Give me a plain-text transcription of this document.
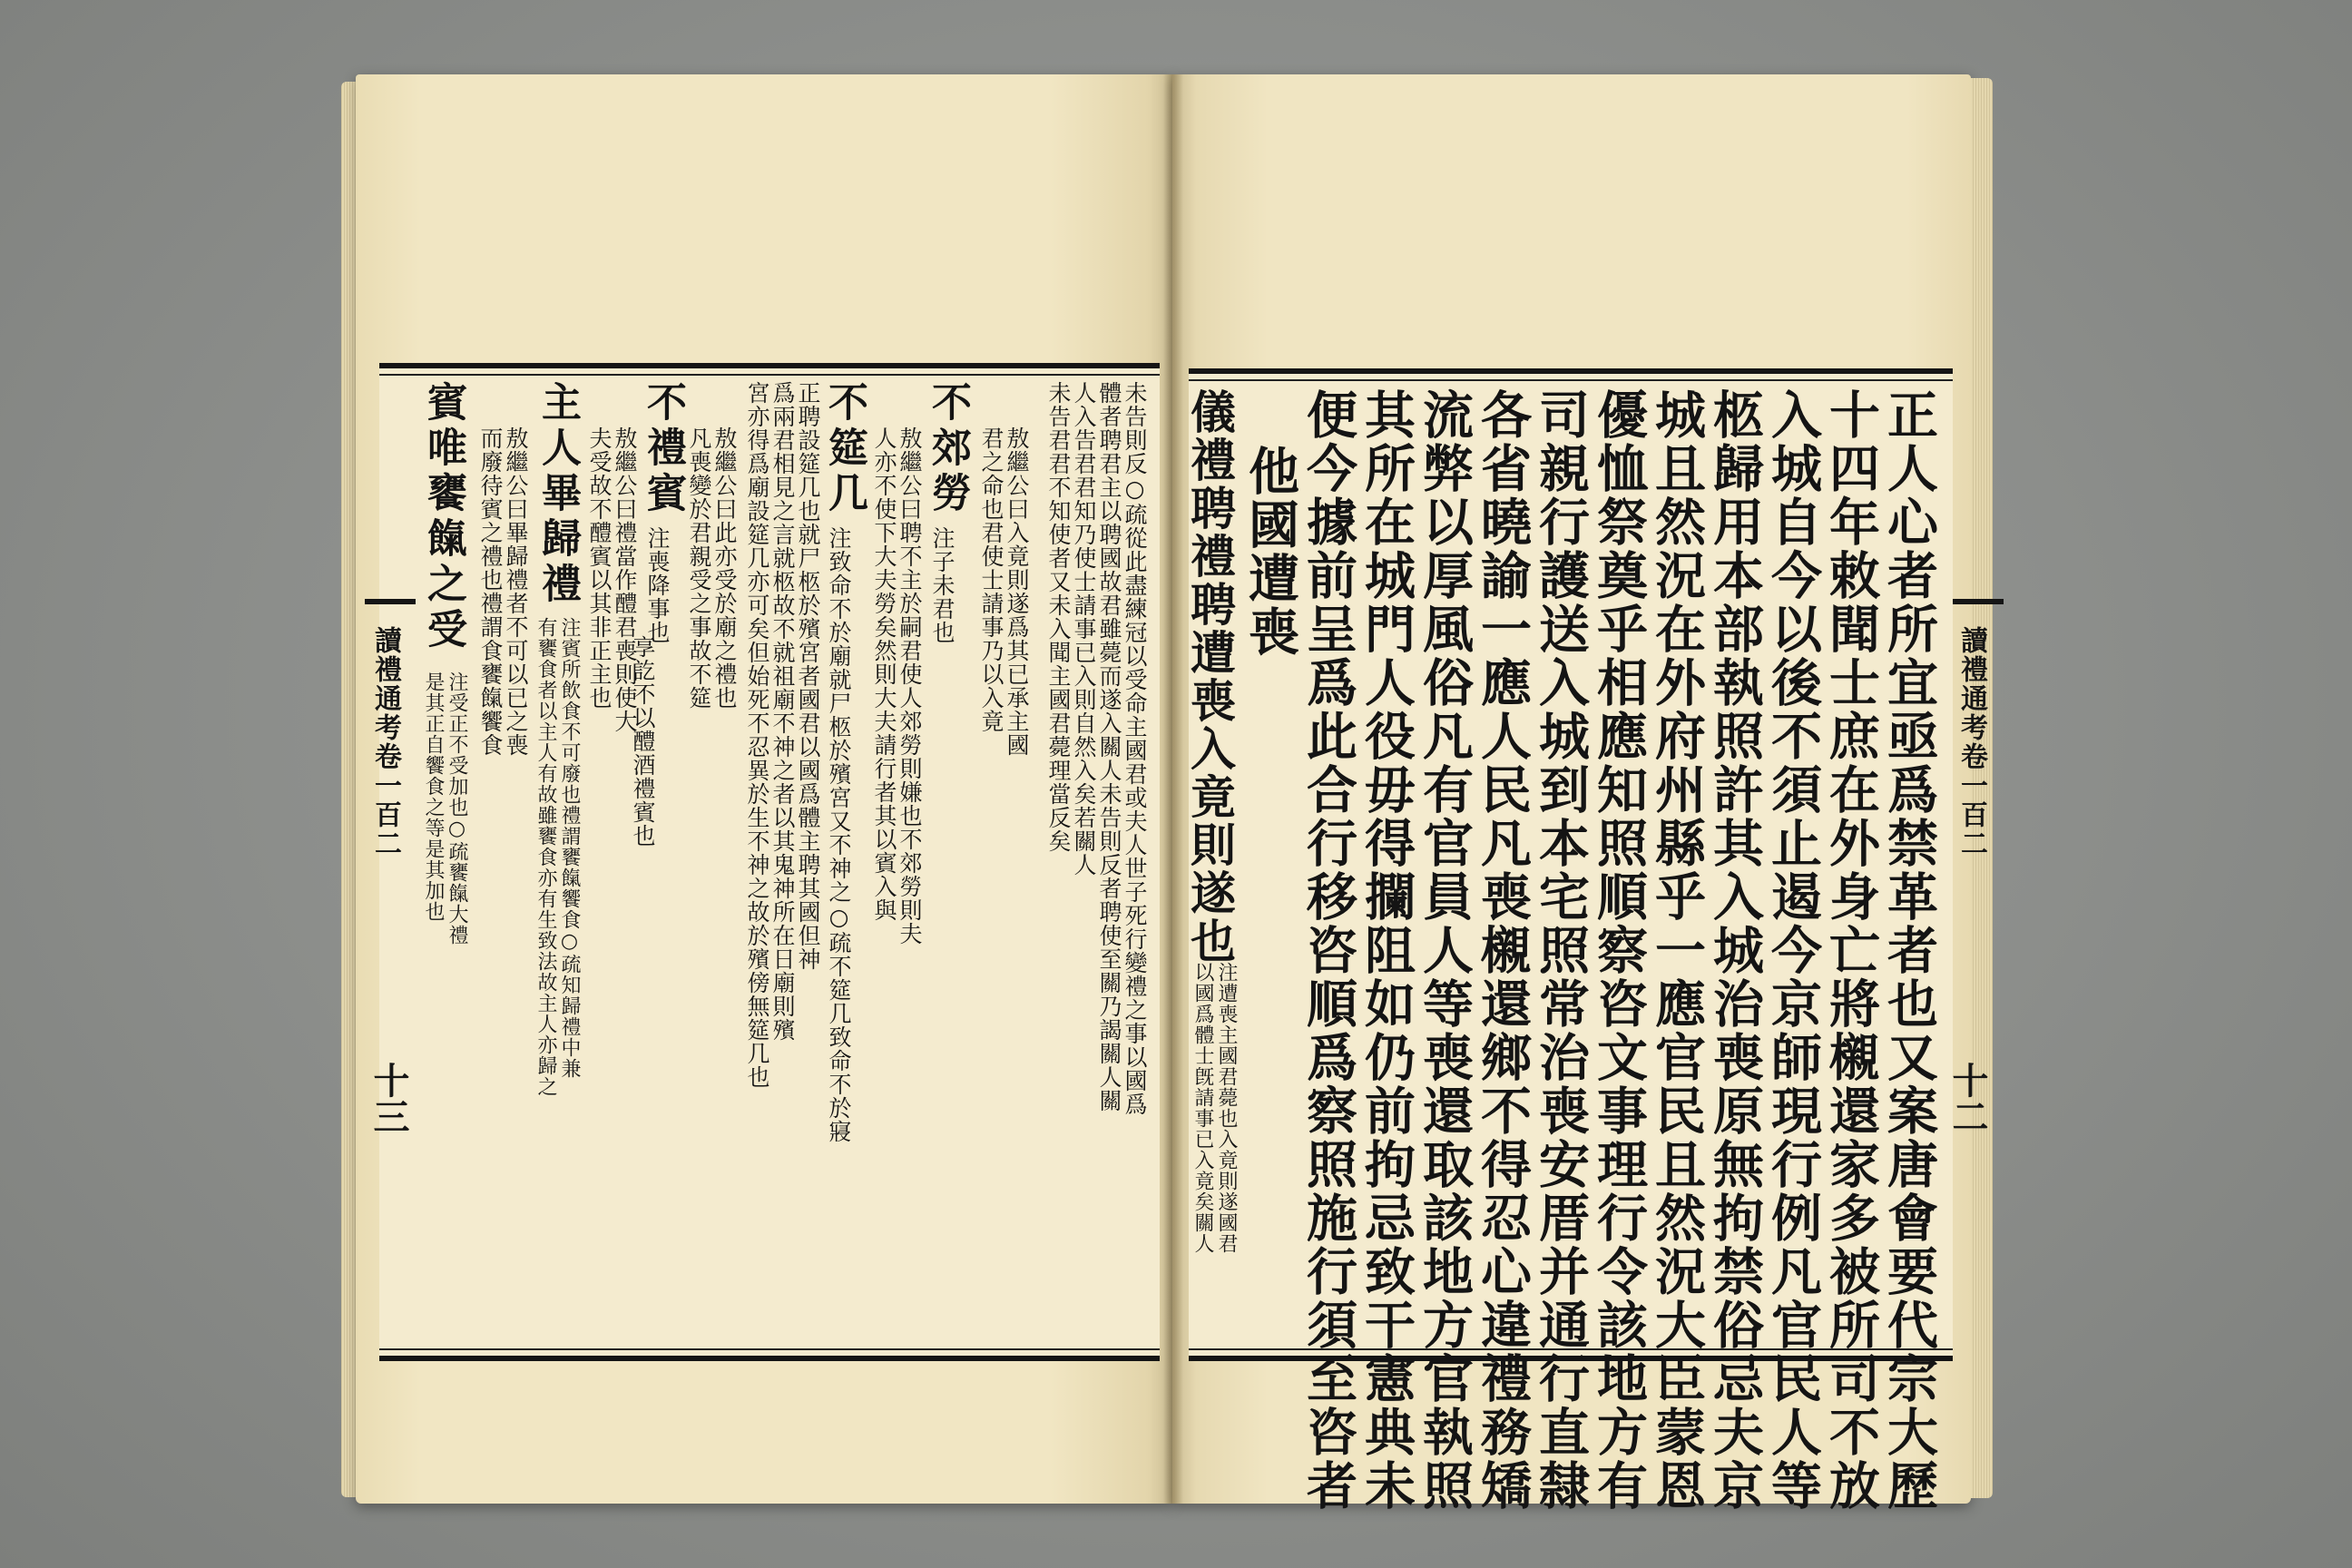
正人心者所宜亟爲禁革者也又案唐會要代宗大歷
十四年敕聞士庶在外身亡將櫬還家多被所司不放
入城自今以後不須止遏今京師現行例凡官民人等
柩歸用本部執照許其入城治喪原無拘禁俗忌夫京
城且然況在外府州縣乎一應官民且然況大臣蒙恩
優恤祭奠乎相應知照順察咨文事理行令該地方有
司親行護送入城到本宅照常治喪安厝并通行直隸
各省曉諭一應人民凡喪櫬還鄉不得忍心違禮務矯
流弊以厚風俗凡有官員人等喪還取該地方官執照
其所在城門人役毋得攔阻如仍前拘忌致干憲典未
便今據前呈爲此合行移咨順爲察照施行須至咨者
他國遭喪
儀禮聘禮聘遭喪入竟則遂也
注遭喪主國君薨也入竟則遂國君
以國爲體士旣請事已入竟矣關人
讀禮通考卷一百二
十二
未告則反○疏從此盡練冠以受命主國君或夫人世子死行變禮之事以國爲
體者聘君主以聘國故君雖薨而遂入關人未告則反者聘使至關乃謁關人關
人入告君君知乃使士請事已入則自然入矣若關人
未告君君不知使者又未入聞主國君薨理當反矣
敖繼公曰入竟則遂爲其已承主國
君之命也君使士請事乃以入竟
不郊勞
注子未君也
敖繼公曰聘不主於嗣君使人郊勞則嫌也不郊勞則夫
人亦不使下大夫勞矣然則大夫請行者其以賓入與
不筵几
注致命不於廟就尸柩於殯宮又不神之○疏不筵几致命不於寢
正聘設筵几也就尸柩於殯宮者國君以國爲體主聘其國但神
爲兩君相見之言就柩故不就祖廟不神之者以其鬼神所在日廟則殯
宮亦得爲廟設筵几亦可矣但始死不忍異於生不神之故於殯傍無筵几也
敖繼公曰此亦受於廟之禮也
凡喪變於君親受之事故不筵
不禮賓
注喪降事也
享訖不以醴酒禮賓也
敖繼公曰禮當作醴君喪則使大
夫受故不醴賓以其非正主也
主人畢歸禮
注賓所飲食不可廢也禮謂饔餼饗食○疏知歸禮中兼
有饔食者以主人有故雖饔食亦有生致法故主人亦歸之
敖繼公曰畢歸禮者不可以已之喪
而廢待賓之禮也禮謂食饔餼饗食
賓唯饔餼之受
注受正不受加也○疏饔餼大禮
是其正自饗食之等是其加也
讀禮通考卷一百二
十三
